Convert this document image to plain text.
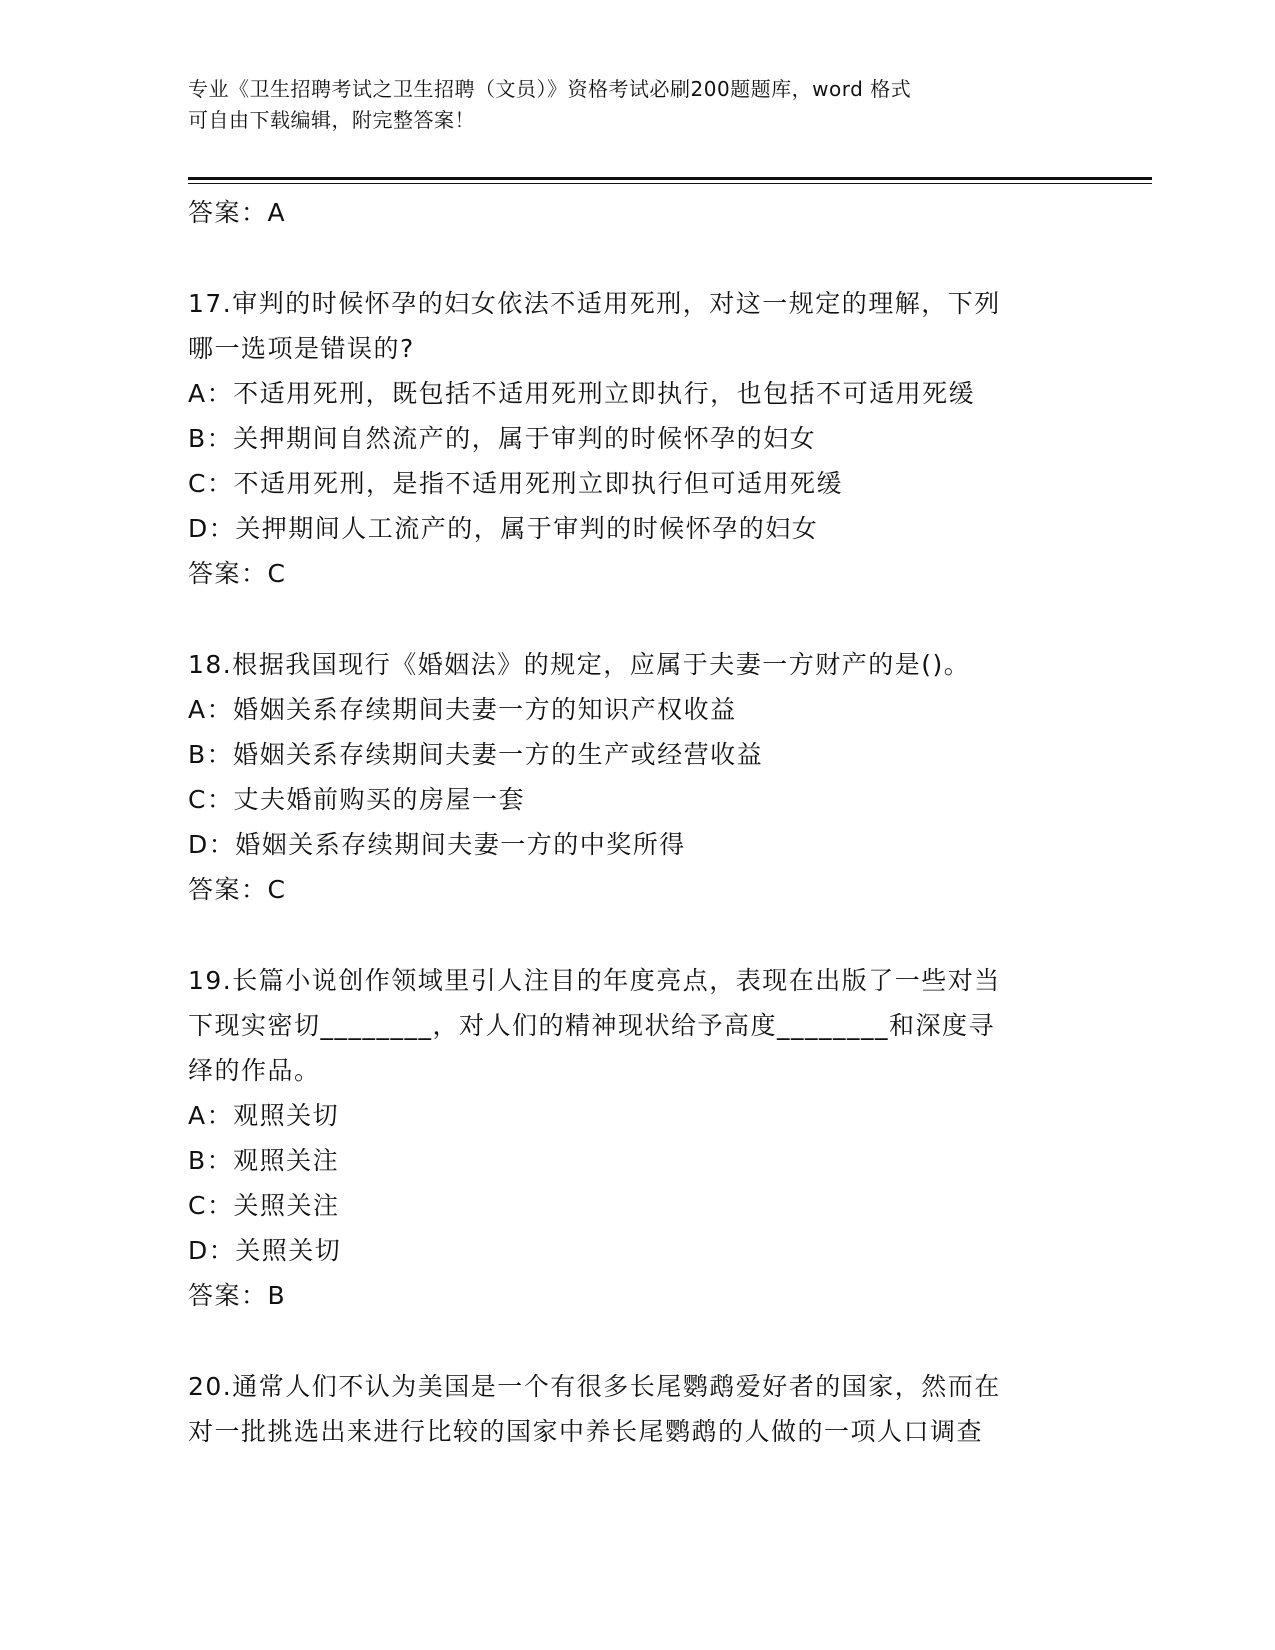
专业《卫生招聘考试之卫生招聘（文员）》资格考试必刷200题题库，word 格式
可自由下载编辑，附完整答案！
答案：A
17.审判的时候怀孕的妇女依法不适用死刑，对这一规定的理解，下列
哪一选项是错误的?
A：不适用死刑，既包括不适用死刑立即执行，也包括不可适用死缓
B：关押期间自然流产的，属于审判的时候怀孕的妇女
C：不适用死刑，是指不适用死刑立即执行但可适用死缓
D：关押期间人工流产的，属于审判的时候怀孕的妇女
答案：C
18.根据我国现行《婚姻法》的规定，应属于夫妻一方财产的是()。
A：婚姻关系存续期间夫妻一方的知识产权收益
B：婚姻关系存续期间夫妻一方的生产或经营收益
C：丈夫婚前购买的房屋一套
D：婚姻关系存续期间夫妻一方的中奖所得
答案：C
19.长篇小说创作领域里引人注目的年度亮点，表现在出版了一些对当
下现实密切________，对人们的精神现状给予高度________和深度寻
绎的作品。
A：观照关切
B：观照关注
C：关照关注
D：关照关切
答案：B
20.通常人们不认为美国是一个有很多长尾鹦鹉爱好者的国家，然而在
对一批挑选出来进行比较的国家中养长尾鹦鹉的人做的一项人口调查
